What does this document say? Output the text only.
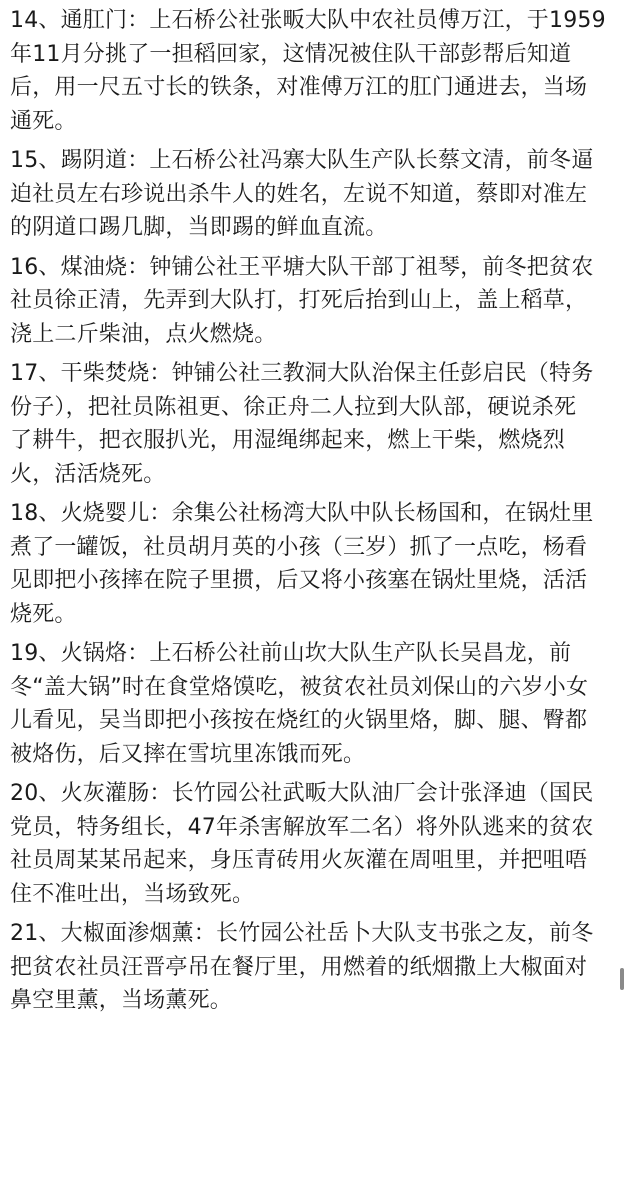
14、通肛门：上石桥公社张畈大队中农社员傅万江，于1959
年11月分挑了一担稻回家，这情况被住队干部彭帮后知道
后，用一尺五寸长的铁条，对准傅万江的肛门通进去，当场
通死。
15、踢阴道：上石桥公社冯寨大队生产队长蔡文清，前冬逼
迫社员左右珍说出杀牛人的姓名，左说不知道，蔡即对准左
的阴道口踢几脚，当即踢的鲜血直流。
16、煤油烧：钟铺公社王平塘大队干部丁祖琴，前冬把贫农
社员徐正清，先弄到大队打，打死后抬到山上，盖上稻草，
浇上二斤柴油，点火燃烧。
17、干柴焚烧：钟铺公社三教洞大队治保主任彭启民（特务
份子），把社员陈祖更、徐正舟二人拉到大队部，硬说杀死
了耕牛，把衣服扒光，用湿绳绑起来，燃上干柴，燃烧烈
火，活活烧死。
18、火烧婴儿：余集公社杨湾大队中队长杨国和，在锅灶里
煮了一罐饭，社员胡月英的小孩（三岁）抓了一点吃，杨看
见即把小孩摔在院子里掼，后又将小孩塞在锅灶里烧，活活
烧死。
19、火锅烙：上石桥公社前山坎大队生产队长吴昌龙，前
冬“盖大锅”时在食堂烙馍吃，被贫农社员刘保山的六岁小女
儿看见，吴当即把小孩按在烧红的火锅里烙，脚、腿、臀都
被烙伤，后又摔在雪坑里冻饿而死。
20、火灰灌肠：长竹园公社武畈大队油厂会计张泽迪（国民
党员，特务组长，47年杀害解放军二名）将外队逃来的贫农
社员周某某吊起来，身压青砖用火灰灌在周咀里，并把咀唔
住不准吐出，当场致死。
21、大椒面渗烟薰：长竹园公社岳卜大队支书张之友，前冬
把贫农社员汪晋亭吊在餐厅里，用燃着的纸烟撒上大椒面对
鼻空里薰，当场薰死。
